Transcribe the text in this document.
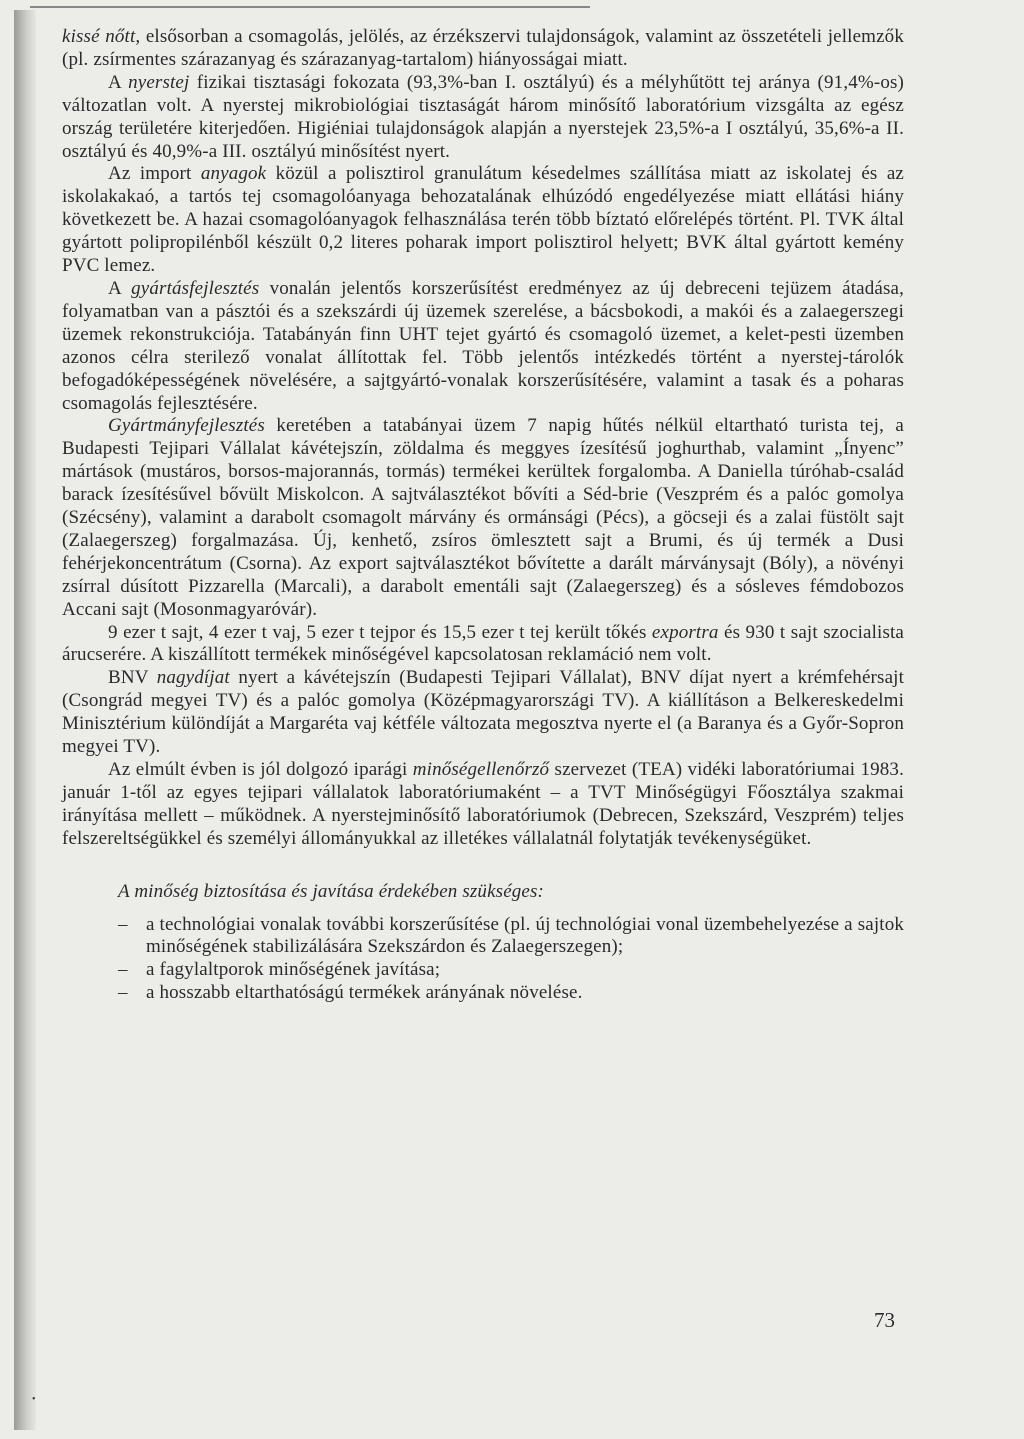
kissé nőtt, elsősorban a csomagolás, jelölés, az érzékszervi tulajdonságok, valamint az összetételi jellemzők (pl. zsírmentes szárazanyag és szárazanyag-tartalom) hiányosságai miatt.

A nyerstej fizikai tisztasági fokozata (93,3%-ban I. osztályú) és a mélyhűtött tej aránya (91,4%-os) változatlan volt. A nyerstej mikrobiológiai tisztaságát három minősítő laboratórium vizsgálta az egész ország területére kiterjedően. Higiéniai tulajdonságok alapján a nyerstejek 23,5%-a I osztályú, 35,6%-a II. osztályú és 40,9%-a III. osztályú minősítést nyert.

Az import anyagok közül a polisztirol granulátum késedelmes szállítása miatt az iskolatej és az iskolakakaó, a tartós tej csomagolóanyaga behozatalának elhúzódó engedélyezése miatt ellátási hiány következett be. A hazai csomagolóanyagok felhasználása terén több bíztató előrelépés történt. Pl. TVK által gyártott polipropilénből készült 0,2 literes poharak import polisztirol helyett; BVK által gyártott kemény PVC lemez.

A gyártásfejlesztés vonalán jelentős korszerűsítést eredményez az új debreceni tejüzem átadása, folyamatban van a pásztói és a szekszárdi új üzemek szerelése, a bácsbokodi, a makói és a zalaegerszegi üzemek rekonstrukciója. Tatabányán finn UHT tejet gyártó és csomagoló üzemet, a kelet-pesti üzemben azonos célra sterilező vonalat állítottak fel. Több jelentős intézkedés történt a nyerstej-tárolók befogadóképességének növelésére, a sajtgyártó-vonalak korszerűsítésére, valamint a tasak és a poharas csomagolás fejlesztésére.

Gyártmányfejlesztés keretében a tatabányai üzem 7 napig hűtés nélkül eltartható turista tej, a Budapesti Tejipari Vállalat kávétejszín, zöldalma és meggyes ízesítésű joghurthab, valamint „Ínyenc” mártások (mustáros, borsos-majorannás, tormás) termékei kerültek forgalomba. A Daniella túróhab-család barack ízesítésűvel bővült Miskolcon. A sajtválasztékot bővíti a Séd-brie (Veszprém és a palóc gomolya (Szécsény), valamint a darabolt csomagolt márvány és ormánsági (Pécs), a göcseji és a zalai füstölt sajt (Zalaegerszeg) forgalmazása. Új, kenhető, zsíros ömlesztett sajt a Brumi, és új termék a Dusi fehérjekoncentrátum (Csorna). Az export sajtválasztékot bővítette a darált márványsajt (Bóly), a növényi zsírral dúsított Pizzarella (Marcali), a darabolt ementáli sajt (Zalaegerszeg) és a sósleves fémdobozos Accani sajt (Mosonmagyaróvár).

9 ezer t sajt, 4 ezer t vaj, 5 ezer t tejpor és 15,5 ezer t tej került tőkés exportra és 930 t sajt szocialista árucserére. A kiszállított termékek minőségével kapcsolatosan reklamáció nem volt.

BNV nagydíjat nyert a kávétejszín (Budapesti Tejipari Vállalat), BNV díjat nyert a krémfehérsajt (Csongrád megyei TV) és a palóc gomolya (Középmagyarországi TV). A kiállításon a Belkereskedelmi Minisztérium különdíját a Margaréta vaj kétféle változata megosztva nyerte el (a Baranya és a Győr-Sopron megyei TV).

Az elmúlt évben is jól dolgozó iparági minőségellenőrző szervezet (TEA) vidéki laboratóriumai 1983. január 1-től az egyes tejipari vállalatok laboratóriumaként – a TVT Minőségügyi Főosztálya szakmai irányítása mellett – működnek. A nyerstejminősítő laboratóriumok (Debrecen, Szekszárd, Veszprém) teljes felszereltségükkel és személyi állományukkal az illetékes vállalatnál folytatják tevékenységüket.

A minőség biztosítása és javítása érdekében szükséges:

– a technológiai vonalak további korszerűsítése (pl. új technológiai vonal üzembehelyezése a sajtok minőségének stabilizálására Szekszárdon és Zalaegerszegen);
– a fagylaltporok minőségének javítása;
– a hosszabb eltarthatóságú termékek arányának növelése.
73
•
